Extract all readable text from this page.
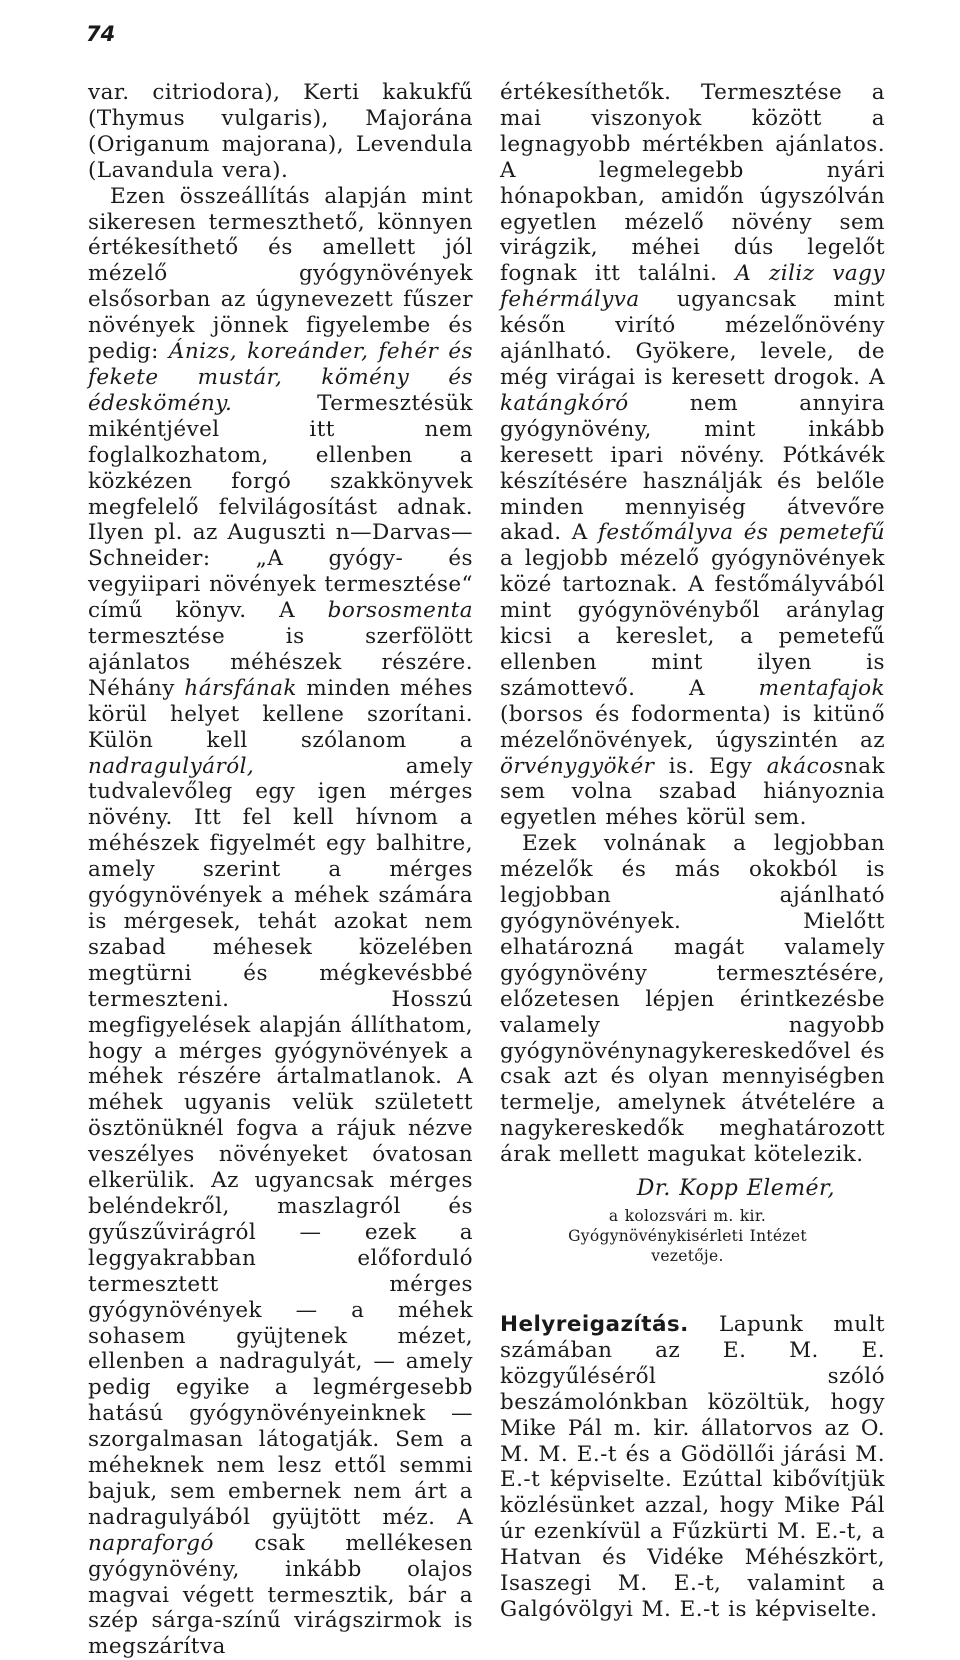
74

var. citriodora), Kerti kakukfű (Thymus vulgaris), Majoránа (Origanum majorana), Levendula (Lavandula vera).

Ezen összeállítás alapján mint sikeresen termeszthető, könnyen értékesíthető és amellett jól mézelő gyógynövények elsősorban az úgynevezett fűszer növények jönnek figyelembe és pedig: Ánizs, koreánder, fehér és fekete mustár, kömény és édeskömény. Termesztésük mikéntjével itt nem foglalkozhatom, ellenben a közkézen forgó szakkönyvek megfelelő felvilágosítást adnak. Ilyen pl. az Auguszti n—Darvas—Schneider: „A gyógy- és vegyiipari növények termesztése“ című könyv. A borsosmenta termesztése is szerfölött ajánlatos méhészek részére. Néhány hársfának minden méhes körül helyet kellene szorítani. Külön kell szólanom a nadragulyáról, amely tudvalevőleg egy igen mérges növény. Itt fel kell hívnom a méhészek figyelmét egy balhitre, amely szerint a mérges gyógynövények a méhek számára is mérgesek, tehát azokat nem szabad méhesek közelében megtürni és mégkevésbbé termeszteni. Hosszú megfigyelések alapján állíthatom, hogy a mérges gyógynövények a méhek részére ártalmatlanok. A méhek ugyanis velük született ösztönüknél fogva a rájuk nézve veszélyes növényeket óvatosan elkerülik. Az ugyancsak mérges beléndekről, maszlagról és gyűszűvirágról — ezek a leggyakrabban előforduló termesztett mérges gyógynövények — a méhek sohasem gyüjtenek mézet, ellenben a nadragulyát, — amely pedig egyike a legmérgesebb hatású gyógynövényeinknek — szorgalmasan látogatják. Sem a méheknek nem lesz ettől semmi bajuk, sem embernek nem árt a nadragulyából gyüjtött méz. A napraforgó csak mellékesen gyógynövény, inkább olajos magvai végett termesztik, bár a szép sárga-színű virágszirmok is megszárítva

értékesíthetők. Termesztése a mai viszonyok között a legnagyobb mértékben ajánlatos. A legmelegebb nyári hónapokban, amidőn úgyszólván egyetlen mézelő növény sem virágzik, méhei dús legelőt fognak itt találni. A ziliz vagy fehérmályva ugyancsak mint későn virító mézelőnövény ajánlható. Gyökere, levele, de még virágai is keresett drogok. A katángkóró nem annyira gyógynövény, mint inkább keresett ipari növény. Pótkávék készítésére használják és belőle minden mennyiség átvevőre akad. A festőmályva és pemetefű a legjobb mézelő gyógynövények közé tartoznak. A festőmályvából mint gyógynövényből aránylag kicsi a kereslet, a pemetefű ellenben mint ilyen is számottevő. A mentafajok (borsos és fodormenta) is kitünő mézelőnövények, úgyszintén az örvénygyökér is. Egy akácosnak sem volna szabad hiányoznia egyetlen méhes körül sem.

Ezek volnának a legjobban mézelők és más okokból is legjobban ajánlható gyógynövények. Mielőtt elhatározná magát valamely gyógynövény termesztésére, előzetesen lépjen érintkezésbe valamely nagyobb gyógynövénynagykereskedővel és csak azt és olyan mennyiségben termelje, amelynek átvételére a nagykereskedők meghatározott árak mellett magukat kötelezik.

Dr. Kopp Elemér,
a kolozsvári m. kir. Gyógynövénykisérleti Intézet vezetője.

Helyreigazítás. Lapunk mult számában az E. M. E. közgyűléséről szóló beszámolónkban közöltük, hogy Mike Pál m. kir. állatorvos az O. M. M. E.-t és a Gödöllői járási M. E.-t képviselte. Ezúttal kibővítjük közlésünket azzal, hogy Mike Pál úr ezenkívül a Fűzkürti M. E.-t, a Hatvan és Vidéke Méhészkört, Isaszegi M. E.-t, valamint a Galgóvölgyi M. E.-t is képviselte.
